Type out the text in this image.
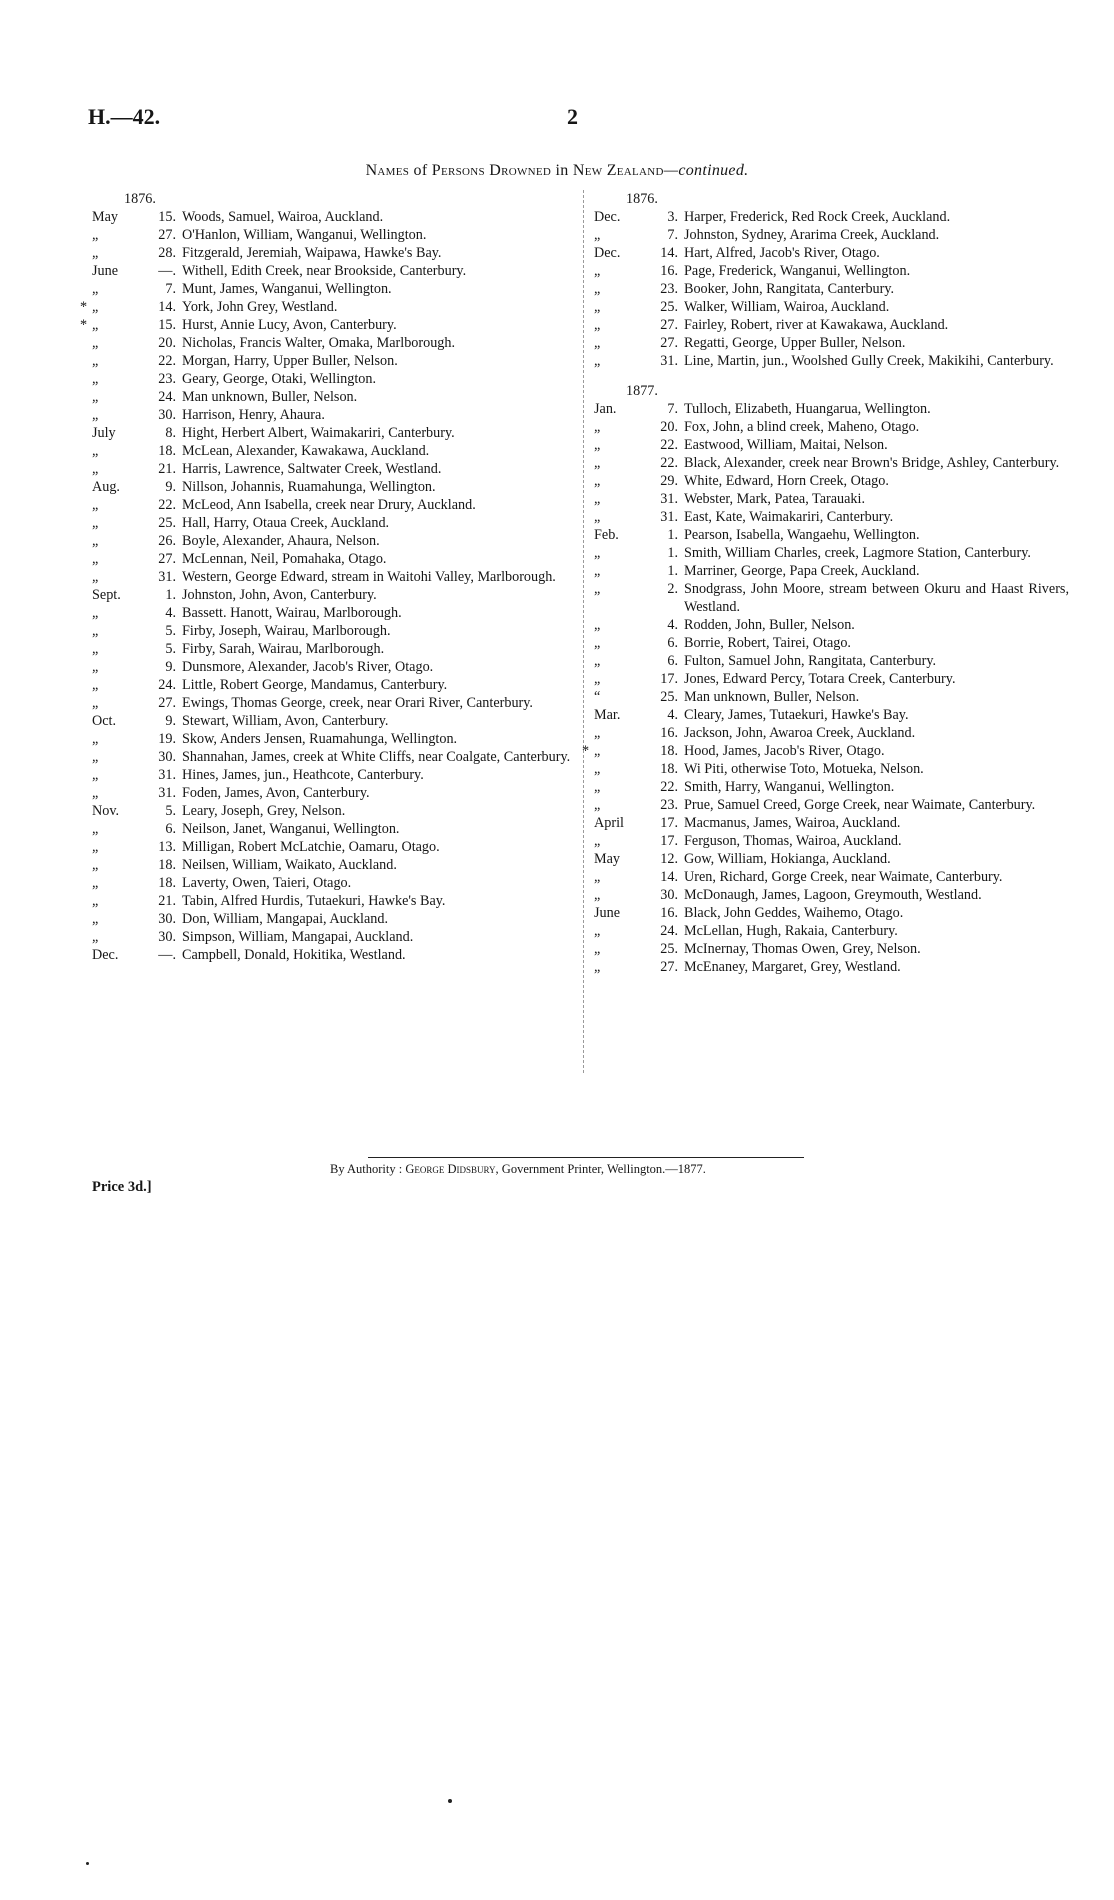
H.—42.	2
Names of Persons Drowned in New Zealand—continued.
1876.
May	15. Woods, Samuel, Wairoa, Auckland.
„	27. O'Hanlon, William, Wanganui, Wellington.
„	28. Fitzgerald, Jeremiah, Waipawa, Hawke's Bay.
June	—. Withell, Edith Creek, near Brookside, Canterbury.
„	7. Munt, James, Wanganui, Wellington.
* „	14. York, John Grey, Westland.
* „	15. Hurst, Annie Lucy, Avon, Canterbury.
„	20. Nicholas, Francis Walter, Omaka, Marlborough.
„	22. Morgan, Harry, Upper Buller, Nelson.
„	23. Geary, George, Otaki, Wellington.
„	24. Man unknown, Buller, Nelson.
„	30. Harrison, Henry, Ahaura.
July	8. Hight, Herbert Albert, Waimakariri, Canterbury.
„	18. McLean, Alexander, Kawakawa, Auckland.
„	21. Harris, Lawrence, Saltwater Creek, Westland.
Aug.	9. Nillson, Johannis, Ruamahunga, Wellington.
„	22. McLeod, Ann Isabella, creek near Drury, Auckland.
„	25. Hall, Harry, Otaua Creek, Auckland.
„	26. Boyle, Alexander, Ahaura, Nelson.
„	27. McLennan, Neil, Pomahaka, Otago.
„	31. Western, George Edward, stream in Waitohi Valley, Marlborough.
Sept.	1. Johnston, John, Avon, Canterbury.
„	4. Bassett. Hanott, Wairau, Marlborough.
„	5. Firby, Joseph, Wairau, Marlborough.
„	5. Firby, Sarah, Wairau, Marlborough.
„	9. Dunsmore, Alexander, Jacob's River, Otago.
„	24. Little, Robert George, Mandamus, Canterbury.
„	27. Ewings, Thomas George, creek, near Orari River, Canterbury.
Oct.	9. Stewart, William, Avon, Canterbury.
„	19. Skow, Anders Jensen, Ruamahunga, Wellington.
„	30. Shannahan, James, creek at White Cliffs, near Coalgate, Canterbury.
„	31. Hines, James, jun., Heathcote, Canterbury.
„	31. Foden, James, Avon, Canterbury.
Nov.	5. Leary, Joseph, Grey, Nelson.
„	6. Neilson, Janet, Wanganui, Wellington.
„	13. Milligan, Robert McLatchie, Oamaru, Otago.
„	18. Neilsen, William, Waikato, Auckland.
„	18. Laverty, Owen, Taieri, Otago.
„	21. Tabin, Alfred Hurdis, Tutaekuri, Hawke's Bay.
„	30. Don, William, Mangapai, Auckland.
„	30. Simpson, William, Mangapai, Auckland.
Dec.	—. Campbell, Donald, Hokitika, Westland.
1876.
Dec.	3. Harper, Frederick, Red Rock Creek, Auckland.
„	7. Johnston, Sydney, Ararima Creek, Auckland.
Dec.	14. Hart, Alfred, Jacob's River, Otago.
„	16. Page, Frederick, Wanganui, Wellington.
„	23. Booker, John, Rangitata, Canterbury.
„	25. Walker, William, Wairoa, Auckland.
„	27. Fairley, Robert, river at Kawakawa, Auckland.
„	27. Regatti, George, Upper Buller, Nelson.
„	31. Line, Martin, jun., Woolshed Gully Creek, Makikihi, Canterbury.
1877.
Jan.	7. Tulloch, Elizabeth, Huangarua, Wellington.
„	20. Fox, John, a blind creek, Maheno, Otago.
„	22. Eastwood, William, Maitai, Nelson.
„	22. Black, Alexander, creek near Brown's Bridge, Ashley, Canterbury.
„	29. White, Edward, Horn Creek, Otago.
„	31. Webster, Mark, Patea, Tarauaki.
„	31. East, Kate, Waimakariri, Canterbury.
Feb.	1. Pearson, Isabella, Wangaehu, Wellington.
„	1. Smith, William Charles, creek, Lagmore Station, Canterbury.
„	1. Marriner, George, Papa Creek, Auckland.
„	2. Snodgrass, John Moore, stream between Okuru and Haast Rivers, Westland.
„	4. Rodden, John, Buller, Nelson.
„	6. Borrie, Robert, Tairei, Otago.
„	6. Fulton, Samuel John, Rangitata, Canterbury.
„	17. Jones, Edward Percy, Totara Creek, Canterbury.
“	25. Man unknown, Buller, Nelson.
Mar.	4. Cleary, James, Tutaekuri, Hawke's Bay.
„	16. Jackson, John, Awaroa Creek, Auckland.
* „	18. Hood, James, Jacob's River, Otago.
„	18. Wi Piti, otherwise Toto, Motueka, Nelson.
„	22. Smith, Harry, Wanganui, Wellington.
„	23. Prue, Samuel Creed, Gorge Creek, near Waimate, Canterbury.
April	17. Macmanus, James, Wairoa, Auckland.
„	17. Ferguson, Thomas, Wairoa, Auckland.
May	12. Gow, William, Hokianga, Auckland.
„	14. Uren, Richard, Gorge Creek, near Waimate, Canterbury.
„	30. McDonaugh, James, Lagoon, Greymouth, Westland.
June	16. Black, John Geddes, Waihemo, Otago.
„	24. McLellan, Hugh, Rakaia, Canterbury.
„	25. McInernay, Thomas Owen, Grey, Nelson.
„	27. McEnaney, Margaret, Grey, Westland.
By Authority : George Didsbury, Government Printer, Wellington.—1877.
Price 3d.]
